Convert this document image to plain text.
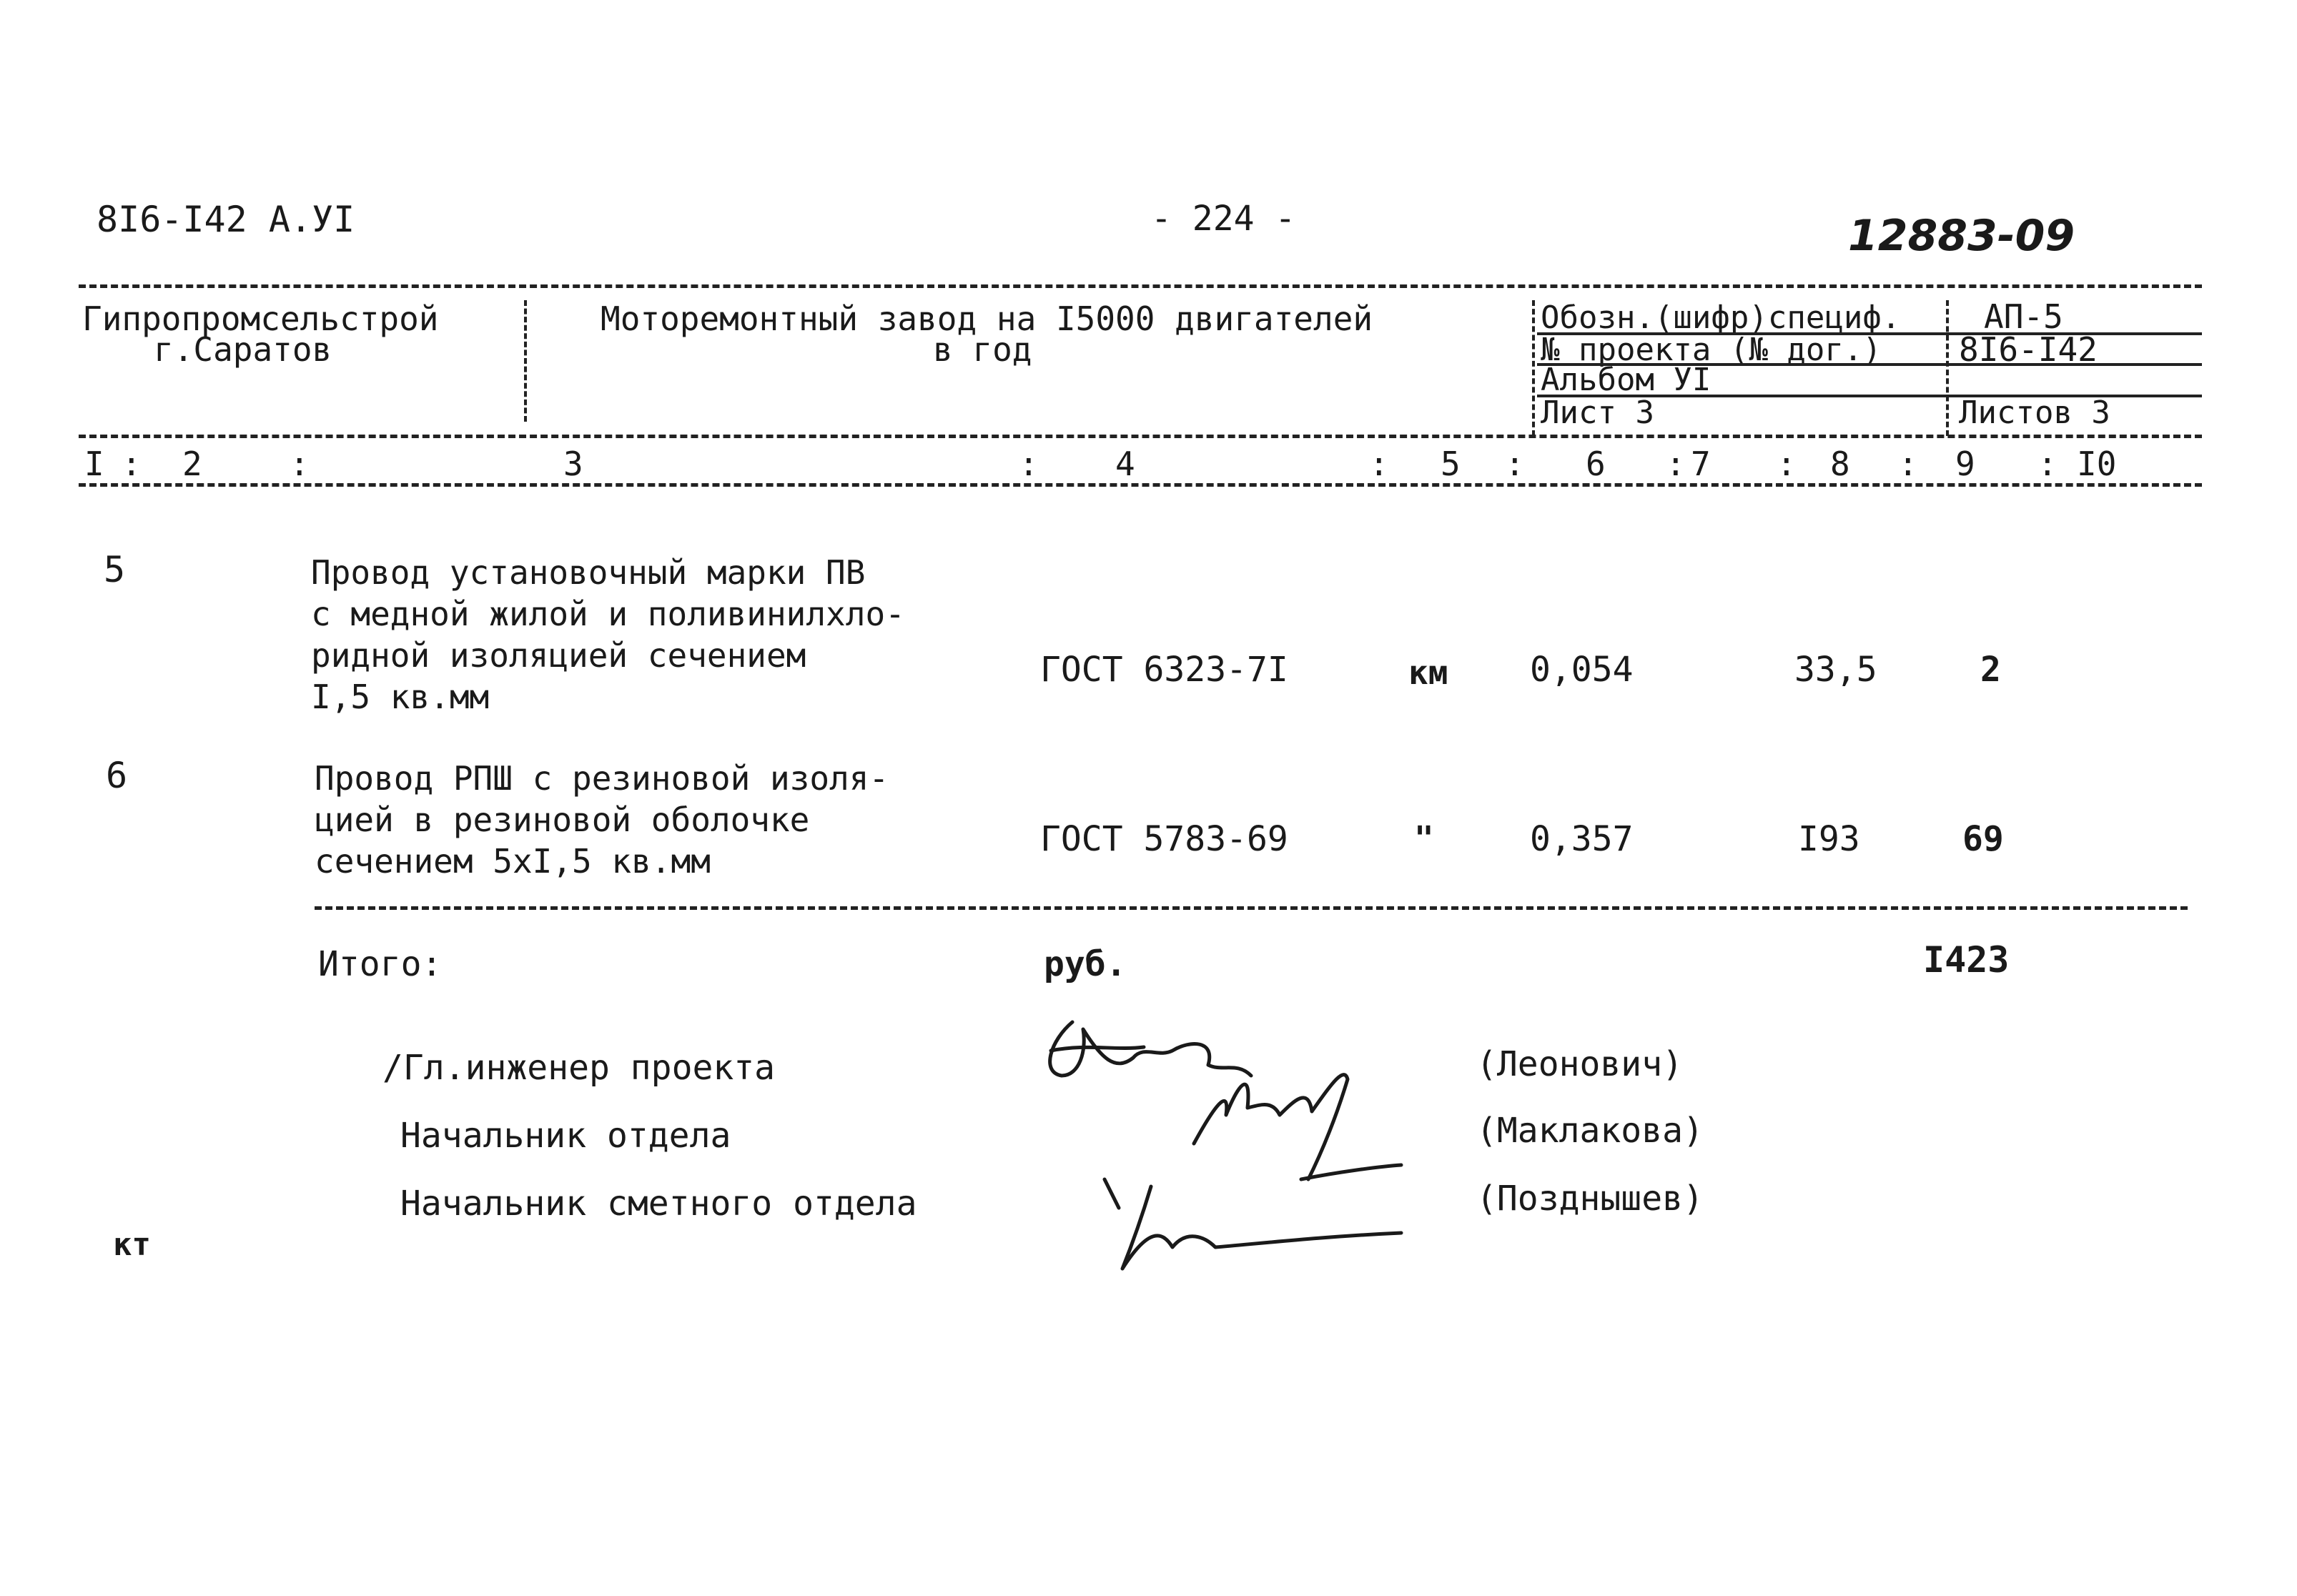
8I6-I42 A.УI	- 224 -	12883-09
Гипропромсельстрой
г.Саратов
Моторемонтный завод на I5000 двигателей
в год
Обозн.(шифр)специф.	АП-5
№ проекта (№ дог.) 8I6-I42
Альбом УI
Лист 3	Листов 3
I 2	3	4	5	6	7	8	9	I0
:	:	:	:	:	:	:	:	:
5	Провод установочный марки ПВ
с медной жилой и поливинилхло-
ридной изоляцией сечением
I,5 кв.мм
ГОСТ 6323-7I	км 0,054	33,5	2
6	Провод РПШ с резиновой изоля-
цией в резиновой оболочке
сечением 5хI,5 кв.мм
ГОСТ 5783-69	"	0,357	I93	69
Итого:	руб.	I423
/Гл.инженер проекта	(Леонович)
Начальник отдела	(Маклакова)
Начальник сметного отдела	(Позднышев)
кт
